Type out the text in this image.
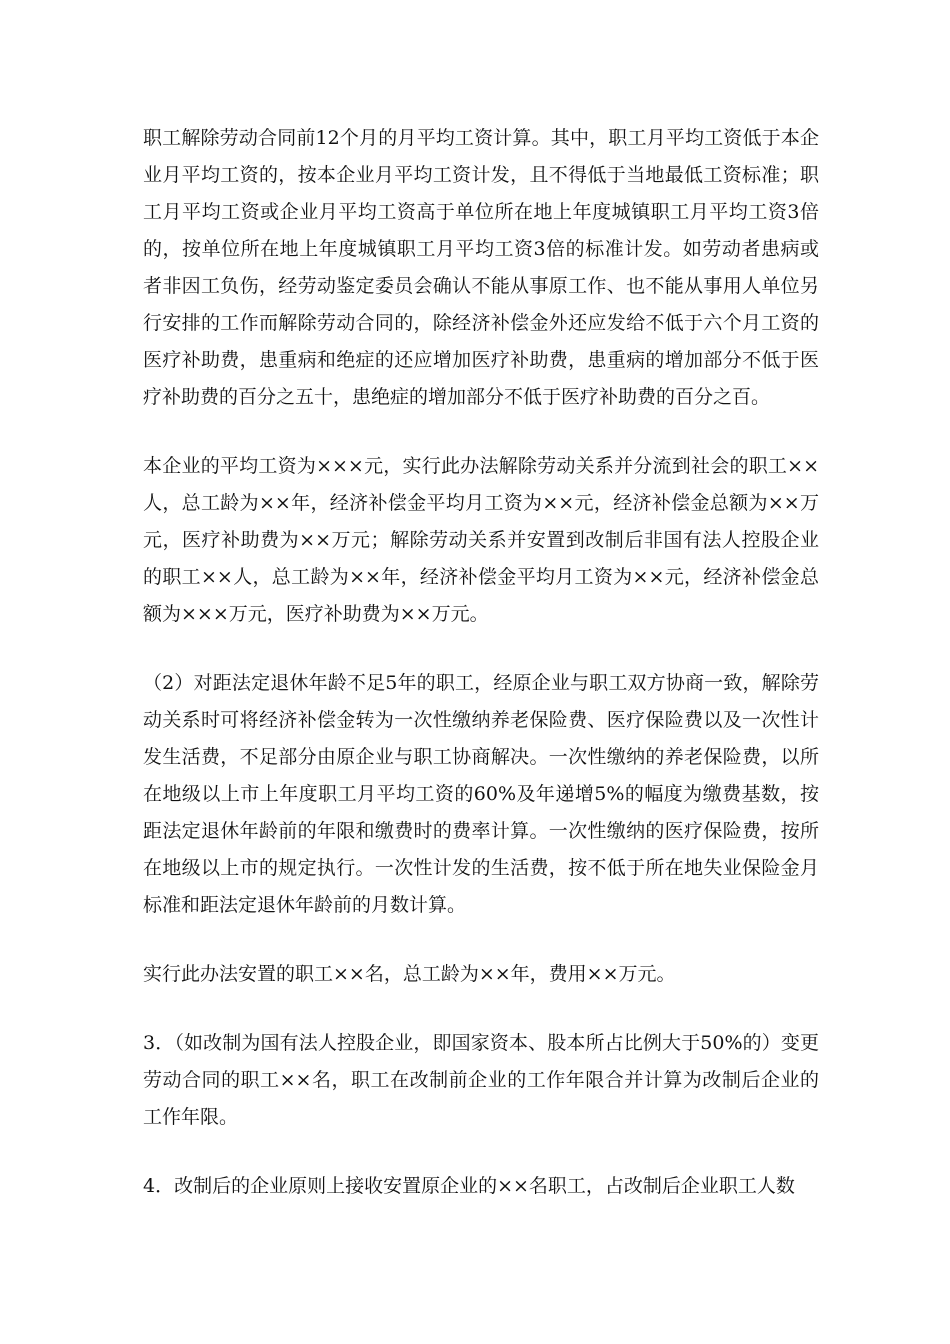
职工解除劳动合同前12个月的月平均工资计算。其中，职工月平均工资低于本企业月平均工资的，按本企业月平均工资计发，且不得低于当地最低工资标准；职工月平均工资或企业月平均工资高于单位所在地上年度城镇职工月平均工资3倍的，按单位所在地上年度城镇职工月平均工资3倍的标准计发。如劳动者患病或者非因工负伤，经劳动鉴定委员会确认不能从事原工作、也不能从事用人单位另行安排的工作而解除劳动合同的，除经济补偿金外还应发给不低于六个月工资的医疗补助费，患重病和绝症的还应增加医疗补助费，患重病的增加部分不低于医疗补助费的百分之五十，患绝症的增加部分不低于医疗补助费的百分之百。

本企业的平均工资为×××元，实行此办法解除劳动关系并分流到社会的职工××人，总工龄为××年，经济补偿金平均月工资为××元，经济补偿金总额为××万元，医疗补助费为××万元；解除劳动关系并安置到改制后非国有法人控股企业的职工××人，总工龄为××年，经济补偿金平均月工资为××元，经济补偿金总额为×××万元，医疗补助费为××万元。

（2）对距法定退休年龄不足5年的职工，经原企业与职工双方协商一致，解除劳动关系时可将经济补偿金转为一次性缴纳养老保险费、医疗保险费以及一次性计发生活费，不足部分由原企业与职工协商解决。一次性缴纳的养老保险费，以所在地级以上市上年度职工月平均工资的60%及年递增5%的幅度为缴费基数，按距法定退休年龄前的年限和缴费时的费率计算。一次性缴纳的医疗保险费，按所在地级以上市的规定执行。一次性计发的生活费，按不低于所在地失业保险金月标准和距法定退休年龄前的月数计算。

实行此办法安置的职工××名，总工龄为××年，费用××万元。

3．（如改制为国有法人控股企业，即国家资本、股本所占比例大于50%的）变更劳动合同的职工××名，职工在改制前企业的工作年限合并计算为改制后企业的工作年限。

4．改制后的企业原则上接收安置原企业的××名职工，占改制后企业职工人数
